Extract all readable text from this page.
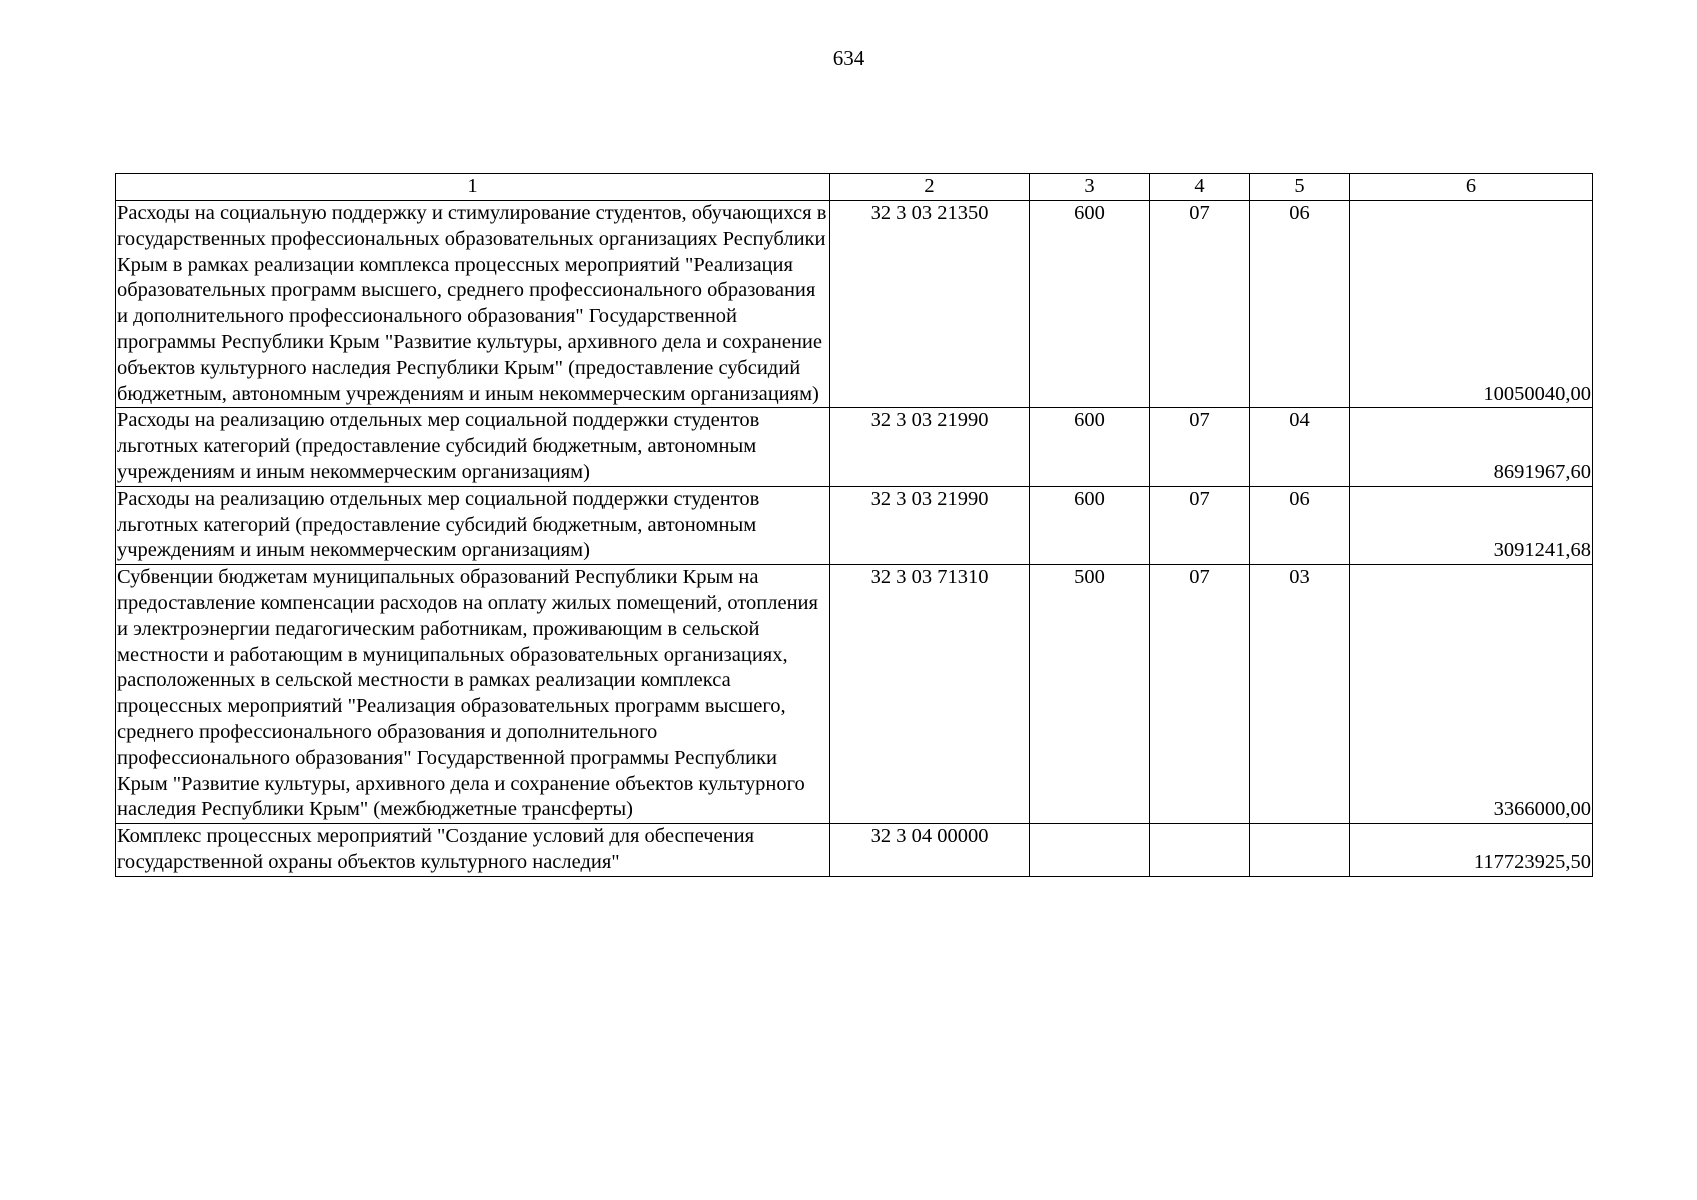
634
1	2	3	4	5	6
Расходы на социальную поддержку и стимулирование студентов, обучающихся в государственных профессиональных образовательных организациях Республики Крым в рамках реализации комплекса процессных мероприятий "Реализация образовательных программ высшего, среднего профессионального образования и дополнительного профессионального образования" Государственной программы Республики Крым "Развитие культуры, архивного дела и сохранение объектов культурного наследия Республики Крым" (предоставление субсидий бюджетным, автономным учреждениям и иным некоммерческим организациям)	32 3 03 21350	600	07	06	10050040,00
Расходы на реализацию отдельных мер социальной поддержки студентов льготных категорий (предоставление субсидий бюджетным, автономным учреждениям и иным некоммерческим организациям)	32 3 03 21990	600	07	04	8691967,60
Расходы на реализацию отдельных мер социальной поддержки студентов льготных категорий (предоставление субсидий бюджетным, автономным учреждениям и иным некоммерческим организациям)	32 3 03 21990	600	07	06	3091241,68
Субвенции бюджетам муниципальных образований Республики Крым на предоставление компенсации расходов на оплату жилых помещений, отопления и электроэнергии педагогическим работникам, проживающим в сельской местности и работающим в муниципальных образовательных организациях, расположенных в сельской местности в рамках реализации комплекса процессных мероприятий "Реализация образовательных программ высшего, среднего профессионального образования и дополнительного профессионального образования" Государственной программы Республики Крым "Развитие культуры, архивного дела и сохранение объектов культурного наследия Республики Крым" (межбюджетные трансферты)	32 3 03 71310	500	07	03	3366000,00
Комплекс процессных мероприятий "Создание условий для обеспечения государственной охраны объектов культурного наследия"	32 3 04 00000				117723925,50
